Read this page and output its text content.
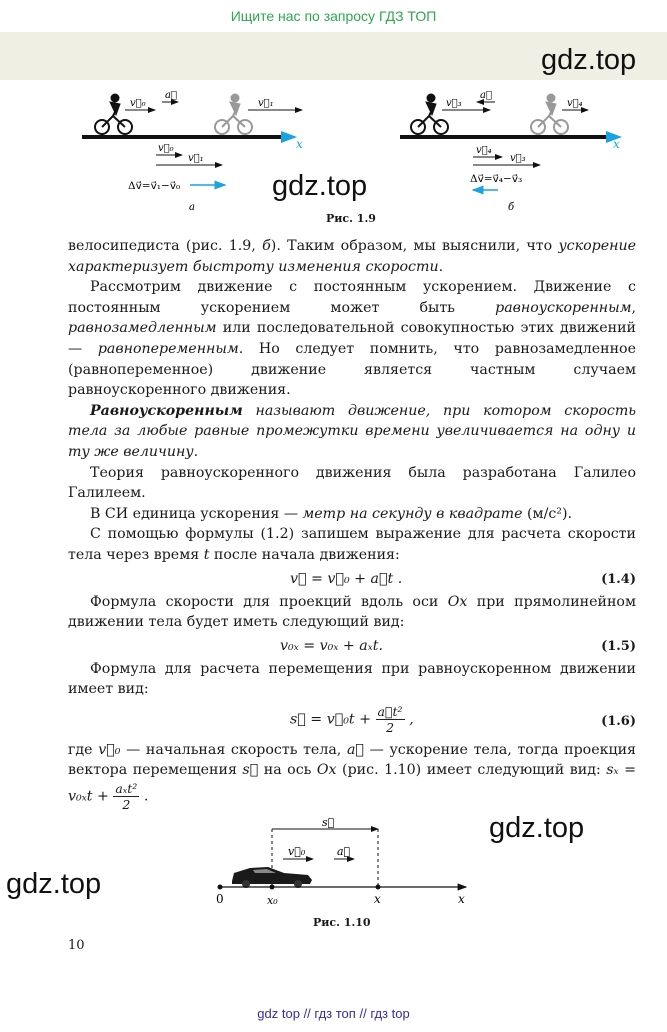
Ищите нас по запросу ГДЗ ТОП
gdz.top
x
v⃗₀
a⃗
v⃗₁
v⃗₀
v⃗₁
Δv⃗=v⃗₁−v⃗₀
а
x
v⃗₃
a⃗
v⃗₄
v⃗₄
v⃗₃
Δv⃗=v⃗₄−v⃗₃
б
gdz.top
Рис. 1.9

велосипедиста (рис. 1.9, б). Таким образом, мы выяснили, что ускорение характеризует быстроту изменения скорости.

Рассмотрим движение с постоянным ускорением. Движение с постоянным ускорением может быть равноускоренным, равнозамедленным или последовательной совокупностью этих движений — равнопеременным. Но следует помнить, что равнозамедленное (равнопеременное) движение является частным случаем равноускоренного движения.

Равноускоренным называют движение, при котором скорость тела за любые равные промежутки времени увеличивается на одну и ту же величину.

Теория равноускоренного движения была разработана Галилео Галилеем.

В СИ единица ускорения — метр на секунду в квадрате (м/с²).

С помощью формулы (1.2) запишем выражение для расчета скорости тела через время t после начала движения:

v⃗ = v⃗₀ + a⃗t .	(1.4)

Формула скорости для проекций вдоль оси Ox при прямолинейном движении тела будет иметь следующий вид:

v₀ₓ = v₀ₓ + aₓt.	(1.5)

Формула для расчета перемещения при равноускоренном движении имеет вид:

s⃗ = v⃗₀t + $\frac{\text{a⃗t²}}{2}$ ,	(1.6)

где v⃗₀ — начальная скорость тела, a⃗ — ускорение тела, тогда проекция вектора перемещения s⃗ на ось Ox (рис. 1.10) имеет следующий вид: $s_x = v_{0x}t + \frac{\text{aₓt²}}{2}$ .

s⃗
v⃗₀	a⃗
0	x₀	x	x
gdz.top
gdz.top
Рис. 1.10
10
gdz top // гдз топ // гдз top
